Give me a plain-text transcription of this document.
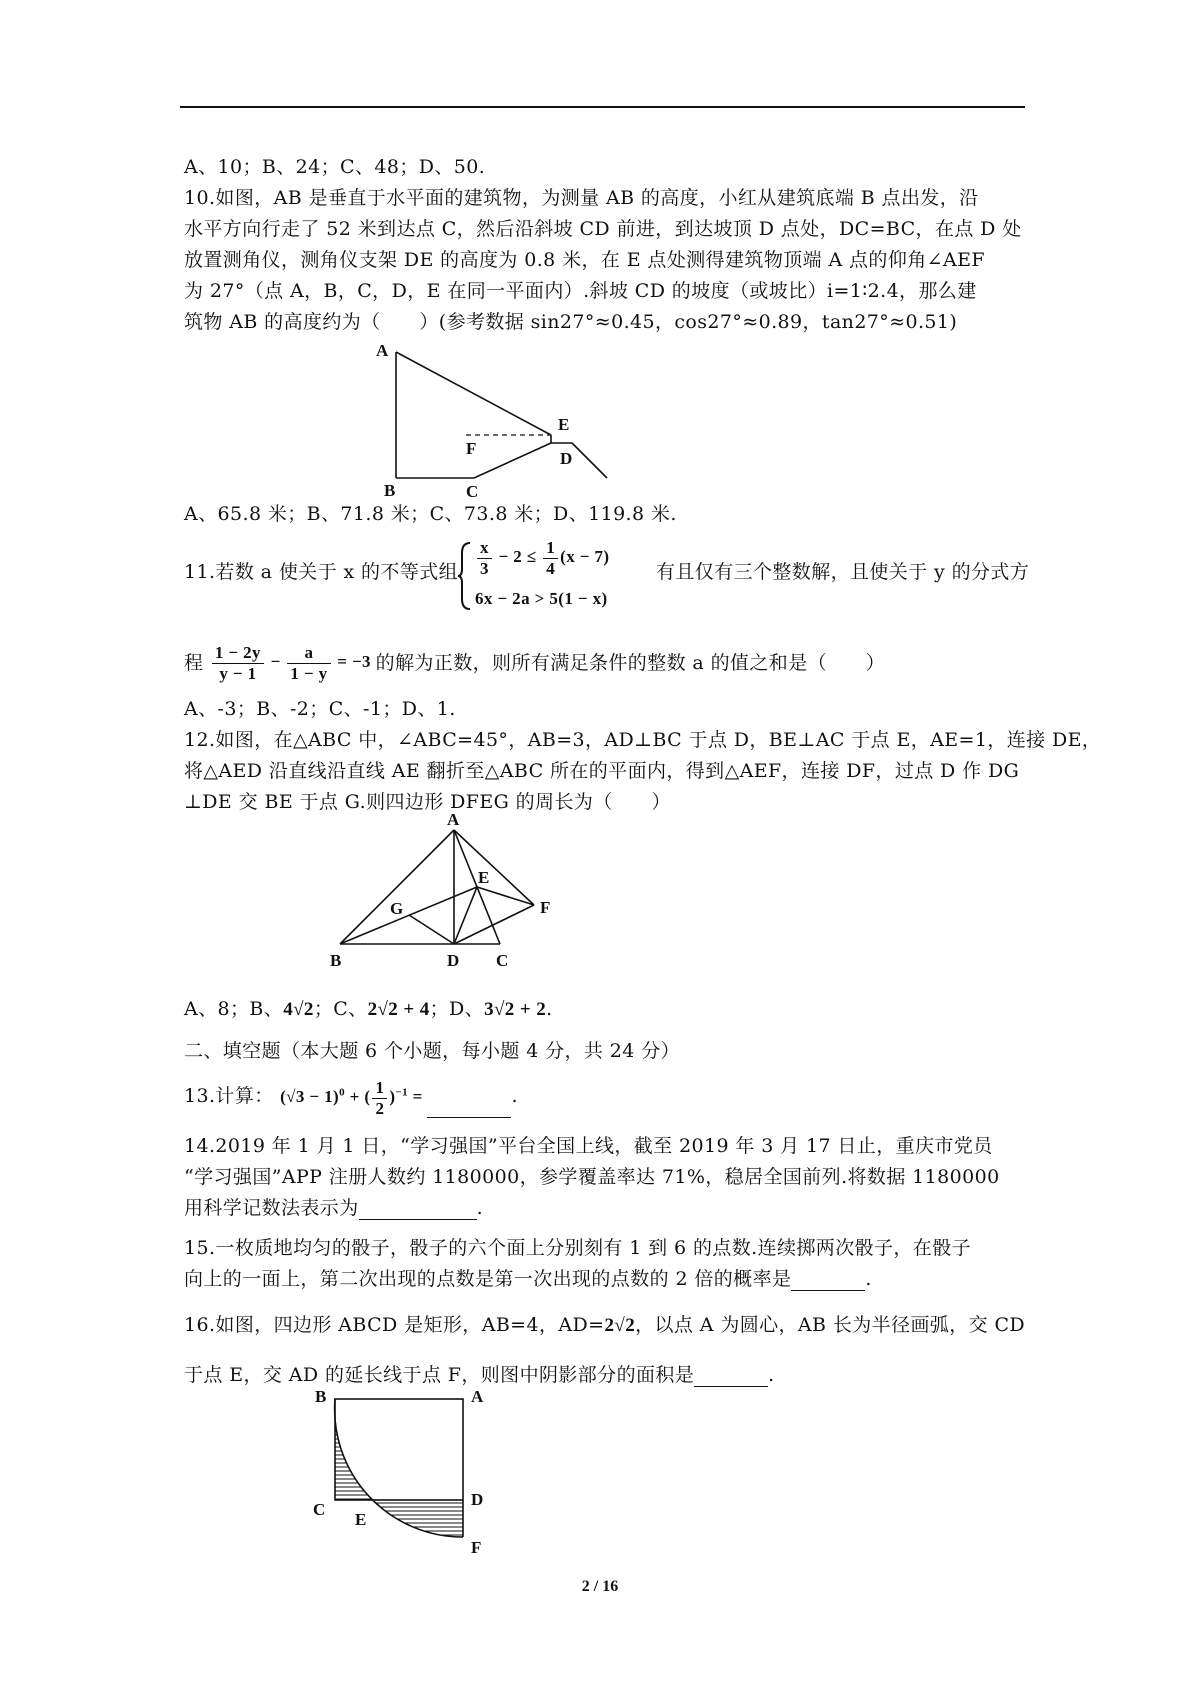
A、10；B、24；C、48；D、50.
10.如图，AB 是垂直于水平面的建筑物，为测量 AB 的高度，小红从建筑底端 B 点出发，沿
水平方向行走了 52 米到达点 C，然后沿斜坡 CD 前进，到达坡顶 D 点处，DC=BC，在点 D 处
放置测角仪，测角仪支架 DE 的高度为 0.8 米，在 E 点处测得建筑物顶端 A 点的仰角∠AEF
为 27°（点 A，B，C，D，E 在同一平面内）.斜坡 CD 的坡度（或坡比）i=1∶2.4，那么建
筑物 AB 的高度约为（　　）(参考数据 sin27°≈0.45，cos27°≈0.89，tan27°≈0.51)
A
B	C
D
E
F
A、65.8 米；B、71.8 米；C、73.8 米；D、119.8 米.
11.若数 a 使关于 x 的不等式组 $\frac{x}{3} - 2 \le \frac{1}{4} (x - 7)$
6x − 2a > 5(1 − x)
有且仅有三个整数解，且使关于 y 的分式方
程 $\frac{1 - 2y}{y - 1} - \frac{a}{1 - y} = -3$ 的解为正数，则所有满足条件的整数 a 的值之和是（　　）
A、-3；B、-2；C、-1；D、1.
12.如图，在△ABC 中，∠ABC=45°，AB=3，AD⊥BC 于点 D，BE⊥AC 于点 E，AE=1，连接 DE，
将△AED 沿直线沿直线 AE 翻折至△ABC 所在的平面内，得到△AEF，连接 DF，过点 D 作 DG
⊥DE 交 BE 于点 G.则四边形 DFEG 的周长为（　　）
A
B	D C
E
F
G
A、8；B、4√2；C、2√2 + 4；D、3√2 + 2.
二、填空题（本大题 6 个小题，每小题 4 分，共 24 分）
13.计算： $(√3 - 1)^0$ + ( $\frac{1}{2} )^{-1}$ =	.
14.2019 年 1 月 1 日，“学习强国”平台全国上线，截至 2019 年 3 月 17 日止，重庆市党员
“学习强国”APP 注册人数约 1180000，参学覆盖率达 71%，稳居全国前列.将数据 1180000
用科学记数法表示为	.
15.一枚质地均匀的骰子，骰子的六个面上分别刻有 1 到 6 的点数.连续掷两次骰子，在骰子
向上的一面上，第二次出现的点数是第一次出现的点数的 2 倍的概率是	.
16.如图，四边形 ABCD 是矩形，AB=4，AD=2√2，以点 A 为圆心，AB 长为半径画弧，交 CD
于点 E，交 AD 的延长线于点 F，则图中阴影部分的面积是	.
B	A
C
D
E
F
2 / 16
